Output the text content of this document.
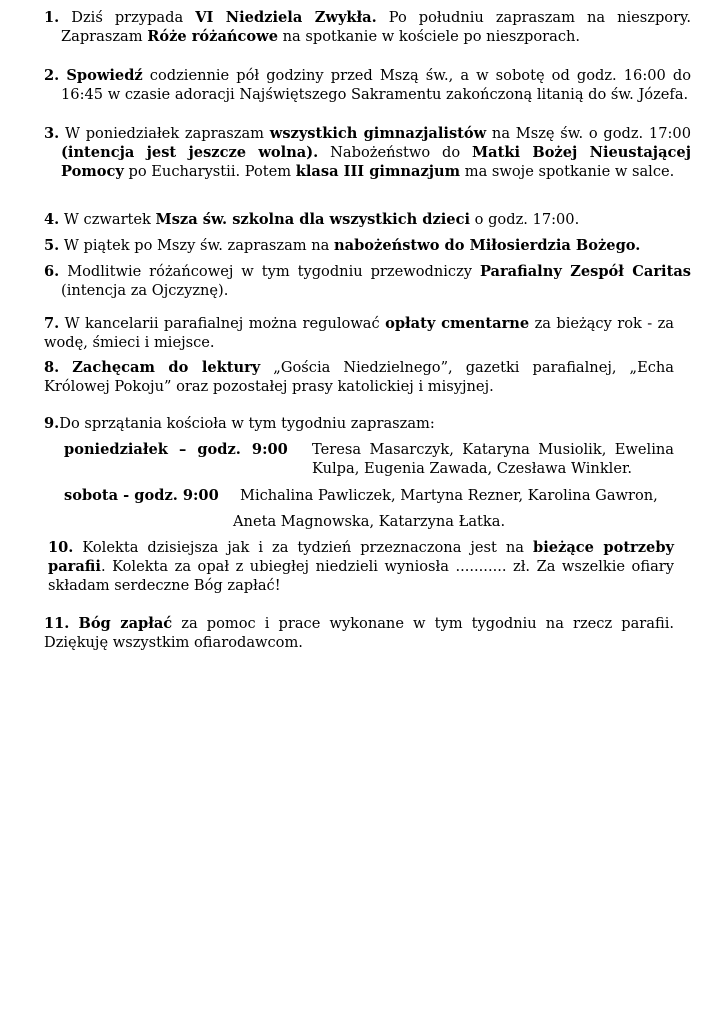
1. Dziś przypada VI Niedziela Zwykła. Po południu zapraszam na nieszpory. Zapraszam Róże różańcowe na spotkanie w kościele po nieszporach.
2. Spowiedź codziennie pół godziny przed Mszą św., a w sobotę od godz. 16:00 do 16:45 w czasie adoracji Najświętszego Sakramentu zakończoną litanią do św. Józefa.
3. W poniedziałek zapraszam wszystkich gimnazjalistów na Mszę św. o godz. 17:00 (intencja jest jeszcze wolna). Nabożeństwo do Matki Bożej Nieustającej Pomocy po Eucharystii. Potem klasa III gimnazjum ma swoje spotkanie w salce.
4. W czwartek Msza św. szkolna dla wszystkich dzieci o godz. 17:00.
5. W piątek po Mszy św. zapraszam na nabożeństwo do Miłosierdzia Bożego.
6. Modlitwie różańcowej w tym tygodniu przewodniczy Parafialny Zespół Caritas (intencja za Ojczyznę).
7. W kancelarii parafialnej można regulować opłaty cmentarne za bieżący rok - za wodę, śmieci i miejsce.
8. Zachęcam do lektury „Gościa Niedzielnego”, gazetki parafialnej, „Echa Królowej Pokoju” oraz pozostałej prasy katolickiej i misyjnej.
9.Do sprzątania kościoła w tym tygodniu zapraszam:
poniedziałek – godz. 9:00	Teresa Masarczyk, Kataryna Musiolik, Ewelina Kulpa, Eugenia Zawada, Czesława Winkler.
sobota - godz. 9:00 Michalina Pawliczek, Martyna Rezner, Karolina Gawron,
Aneta Magnowska, Katarzyna Łatka.
10. Kolekta dzisiejsza jak i za tydzień przeznaczona jest na bieżące potrzeby parafii. Kolekta za opał z ubiegłej niedzieli wyniosła ........... zł. Za wszelkie ofiary składam serdeczne Bóg zapłać!
11. Bóg zapłać za pomoc i prace wykonane w tym tygodniu na rzecz parafii. Dziękuję wszystkim ofiarodawcom.
